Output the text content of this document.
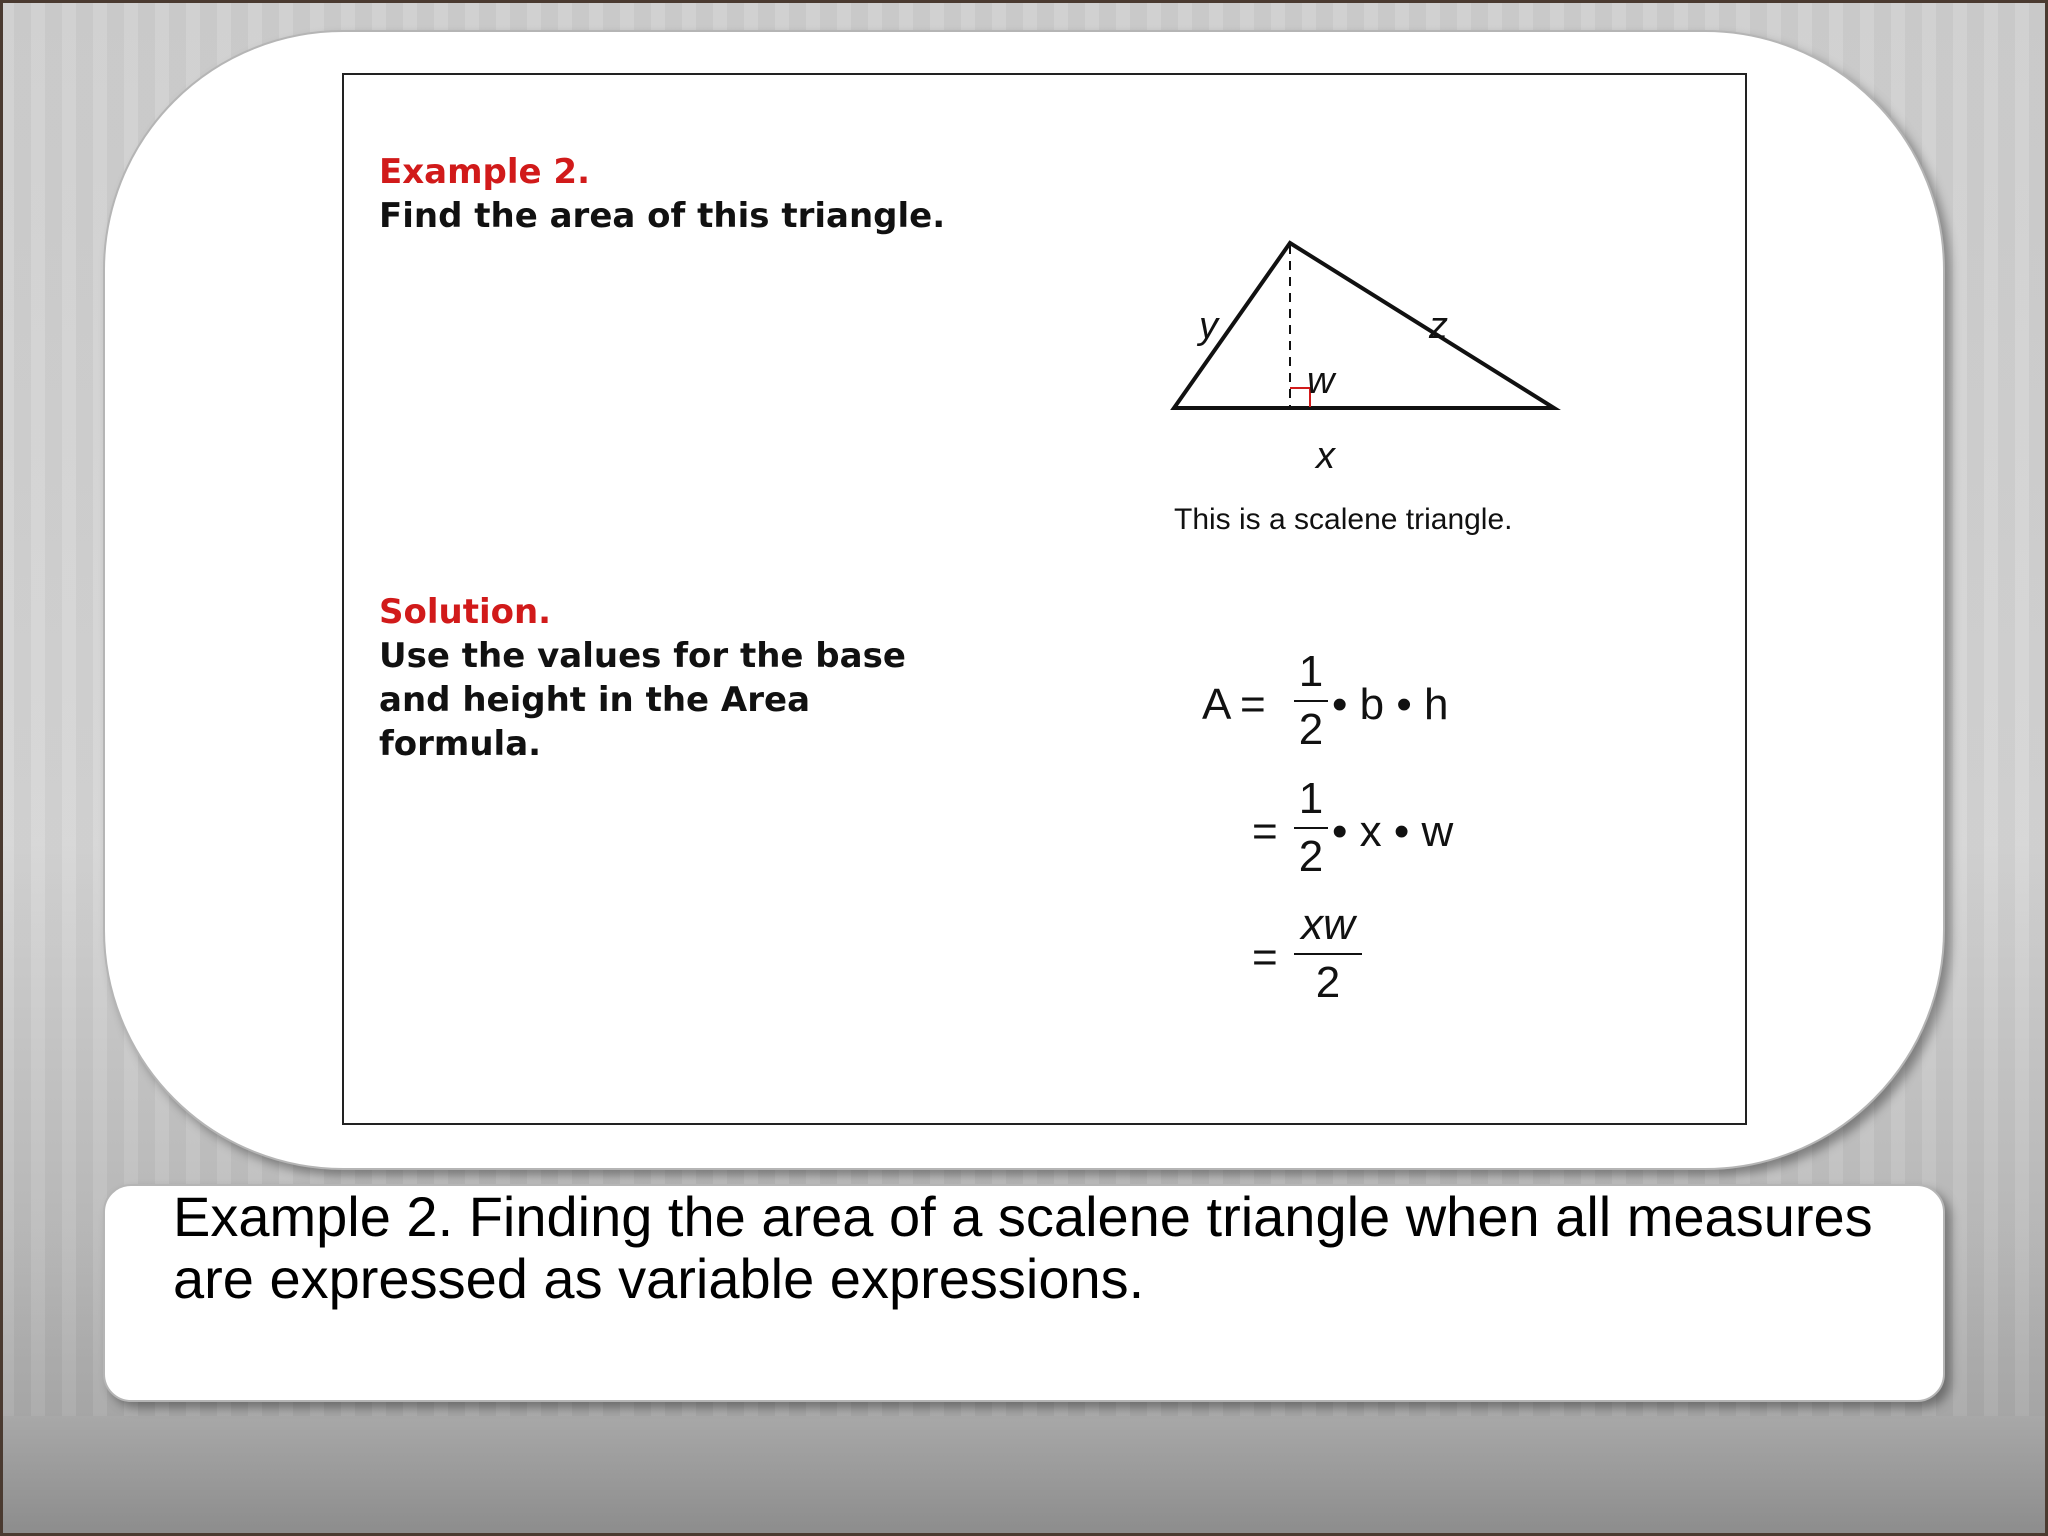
Example 2.
Find the area of this triangle.
Solution.
Use the values for the base
and height in the Area
formula.
y	z
w
x
This is a scalene triangle.
A =
1
2
• b • h
=
1
2
• x • w
=
xw
2

Example 2. Finding the area of a scalene triangle when all measures are expressed as variable expressions.
